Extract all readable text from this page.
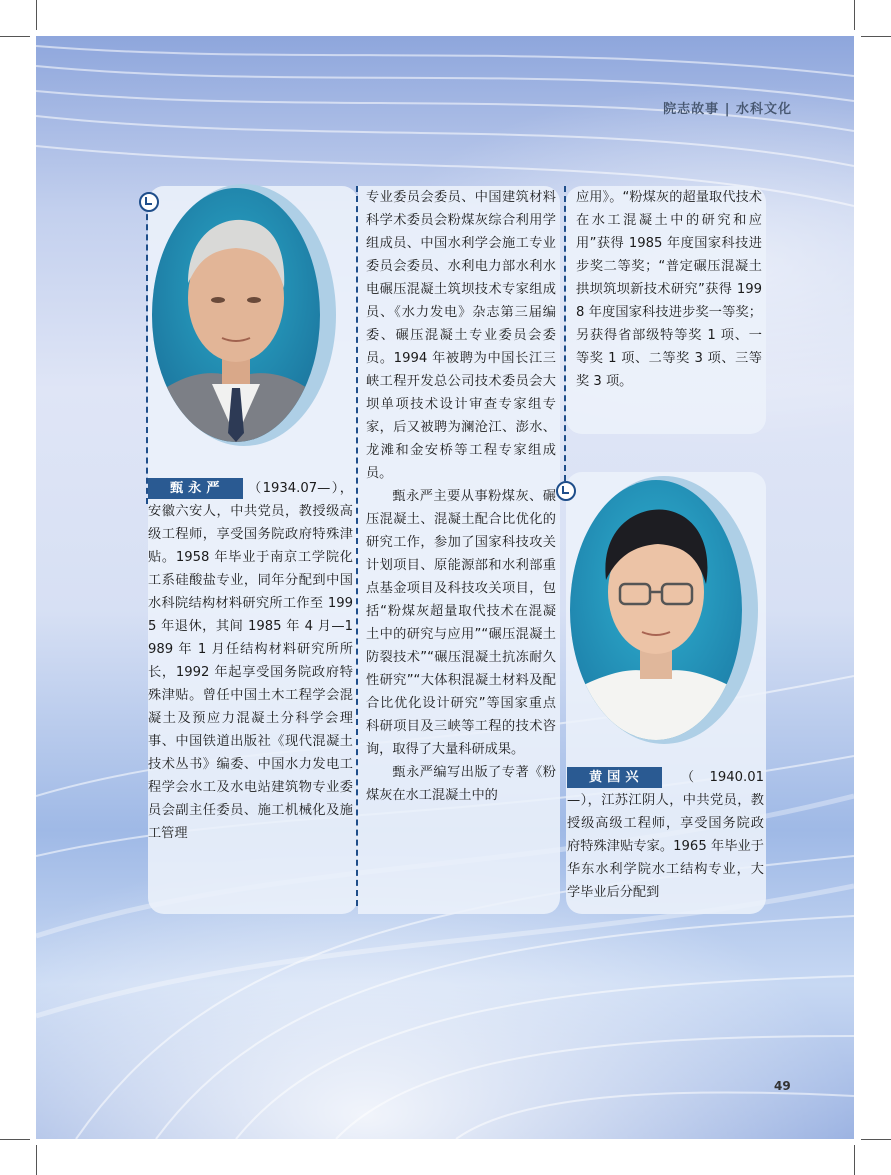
院志故事 | 水科文化

甄永严 （1934.07—），安徽六安人，中共党员，教授级高级工程师，享受国务院政府特殊津贴。1958 年毕业于南京工学院化工系硅酸盐专业，同年分配到中国水科院结构材料研究所工作至 1995 年退休，其间 1985 年 4 月—1989 年 1 月任结构材料研究所所长，1992 年起享受国务院政府特殊津贴。曾任中国土木工程学会混凝土及预应力混凝土分科学会理事、中国铁道出版社《现代混凝土技术丛书》编委、中国水力发电工程学会水工及水电站建筑物专业委员会副主任委员、施工机械化及施工管理

专业委员会委员、中国建筑材料科学术委员会粉煤灰综合利用学组成员、中国水利学会施工专业委员会委员、水利电力部水利水电碾压混凝土筑坝技术专家组成员、《水力发电》杂志第三届编委、碾压混凝土专业委员会委员。1994 年被聘为中国长江三峡工程开发总公司技术委员会大坝单项技术设计审查专家组专家，后又被聘为澜沧江、澎水、龙滩和金安桥等工程专家组成员。

甄永严主要从事粉煤灰、碾压混凝土、混凝土配合比优化的研究工作，参加了国家科技攻关计划项目、原能源部和水利部重点基金项目及科技攻关项目，包括“粉煤灰超量取代技术在混凝土中的研究与应用”“碾压混凝土防裂技术”“碾压混凝土抗冻耐久性研究”“大体积混凝土材料及配合比优化设计研究”等国家重点科研项目及三峡等工程的技术咨询，取得了大量科研成果。

甄永严编写出版了专著《粉煤灰在水工混凝土中的

应用》。“粉煤灰的超量取代技术在水工混凝土中的研究和应用”获得 1985 年度国家科技进步奖二等奖；“普定碾压混凝土拱坝筑坝新技术研究”获得 1998 年度国家科技进步奖一等奖；另获得省部级特等奖 1 项、一等奖 1 项、二等奖 3 项、三等奖 3 项。

黄国兴 （1940.01—），江苏江阴人，中共党员，教授级高级工程师，享受国务院政府特殊津贴专家。1965 年毕业于华东水利学院水工结构专业，大学毕业后分配到

49
